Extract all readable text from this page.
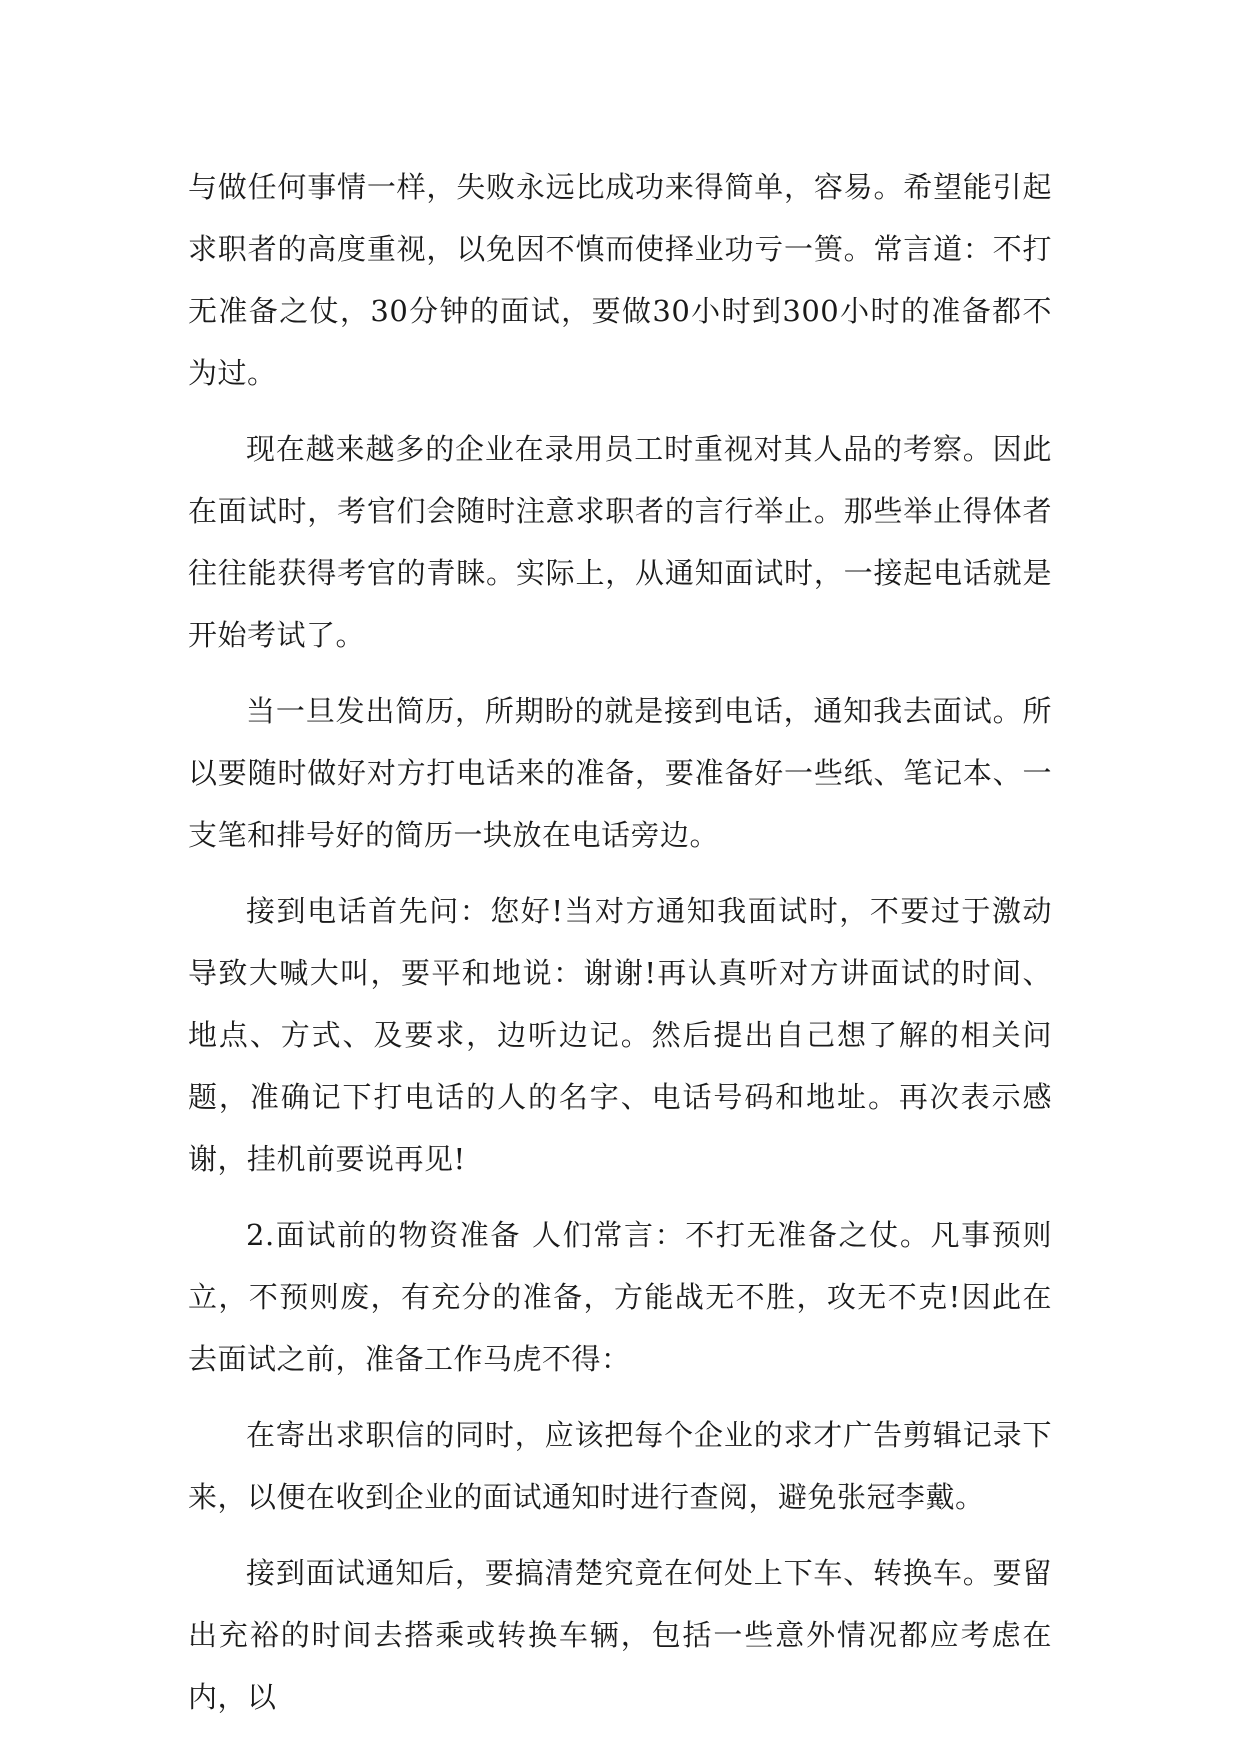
与做任何事情一样，失败永远比成功来得简单，容易。希望能引起求职者的高度重视，以免因不慎而使择业功亏一篑。常言道：不打无准备之仗，30分钟的面试，要做30小时到300小时的准备都不为过。

现在越来越多的企业在录用员工时重视对其人品的考察。因此在面试时，考官们会随时注意求职者的言行举止。那些举止得体者往往能获得考官的青睐。实际上，从通知面试时，一接起电话就是开始考试了。

当一旦发出简历，所期盼的就是接到电话，通知我去面试。所以要随时做好对方打电话来的准备，要准备好一些纸、笔记本、一支笔和排号好的简历一块放在电话旁边。

接到电话首先问：您好!当对方通知我面试时，不要过于激动导致大喊大叫，要平和地说：谢谢!再认真听对方讲面试的时间、地点、方式、及要求，边听边记。然后提出自己想了解的相关问题，准确记下打电话的人的名字、电话号码和地址。再次表示感谢，挂机前要说再见!

2.面试前的物资准备 人们常言：不打无准备之仗。凡事预则立，不预则废，有充分的准备，方能战无不胜，攻无不克!因此在去面试之前，准备工作马虎不得：

在寄出求职信的同时，应该把每个企业的求才广告剪辑记录下来，以便在收到企业的面试通知时进行查阅，避免张冠李戴。

接到面试通知后，要搞清楚究竟在何处上下车、转换车。要留出充裕的时间去搭乘或转换车辆，包括一些意外情况都应考虑在内，以
